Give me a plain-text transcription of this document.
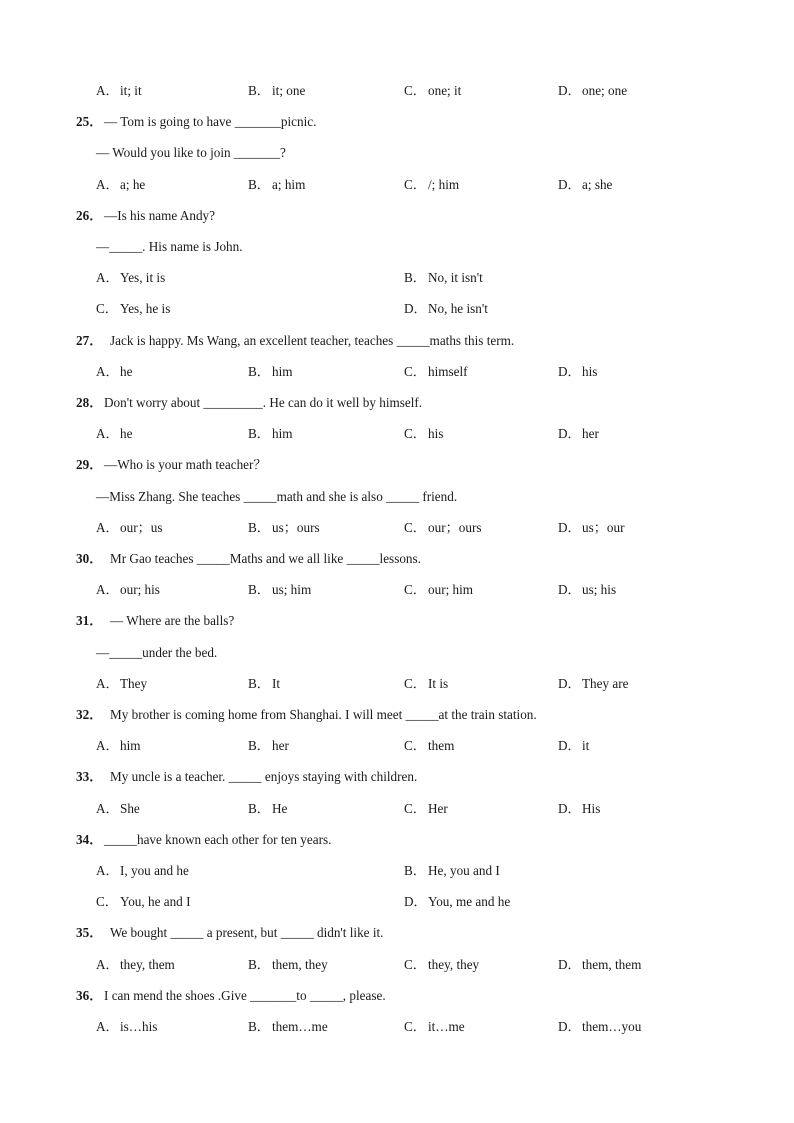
A．it; it	B． it; one	C． one; it	D．one; one
25． — Tom is going to have _______picnic.
— Would you like to join _______?
A．a; he	B． a; him	C． /; him	D．a; she
26． —Is his name Andy?
—_____. His name is John.
A．Yes, it is	B． No, it isn't
C． Yes, he is	D．No, he isn't
27． Jack is happy. Ms Wang, an excellent teacher, teaches _____maths this term.
A．he	B． him	C． himself	D．his
28． Don't worry about _________. He can do it well by himself.
A．he	B． him	C． his	D．her
29． —Who is your math teacher？
—Miss Zhang. She teaches _____math and she is also _____ friend.
A．our；us	B． us；ours	C． our；ours	D．us；our
30． Mr Gao teaches _____Maths and we all like _____lessons.
A．our; his	B． us; him	C． our; him	D．us; his
31． — Where are the balls?
—_____under the bed.
A．They	B． It	C． It is	D．They are
32． My brother is coming home from Shanghai. I will meet _____at the train station.
A．him	B． her	C． them	D．it
33． My uncle is a teacher. _____ enjoys staying with children.
A．She	B． He	C． Her	D．His
34． _____have known each other for ten years.
A．I, you and he	B． He, you and I
C． You, he and I	D．You, me and he
35． We bought _____ a present, but _____ didn't like it.
A．they, them	B． them, they	C． they, they	D．them, them
36． I can mend the shoes .Give _______to _____, please.
A．is…his	B． them…me	C． it…me	D．them…you
